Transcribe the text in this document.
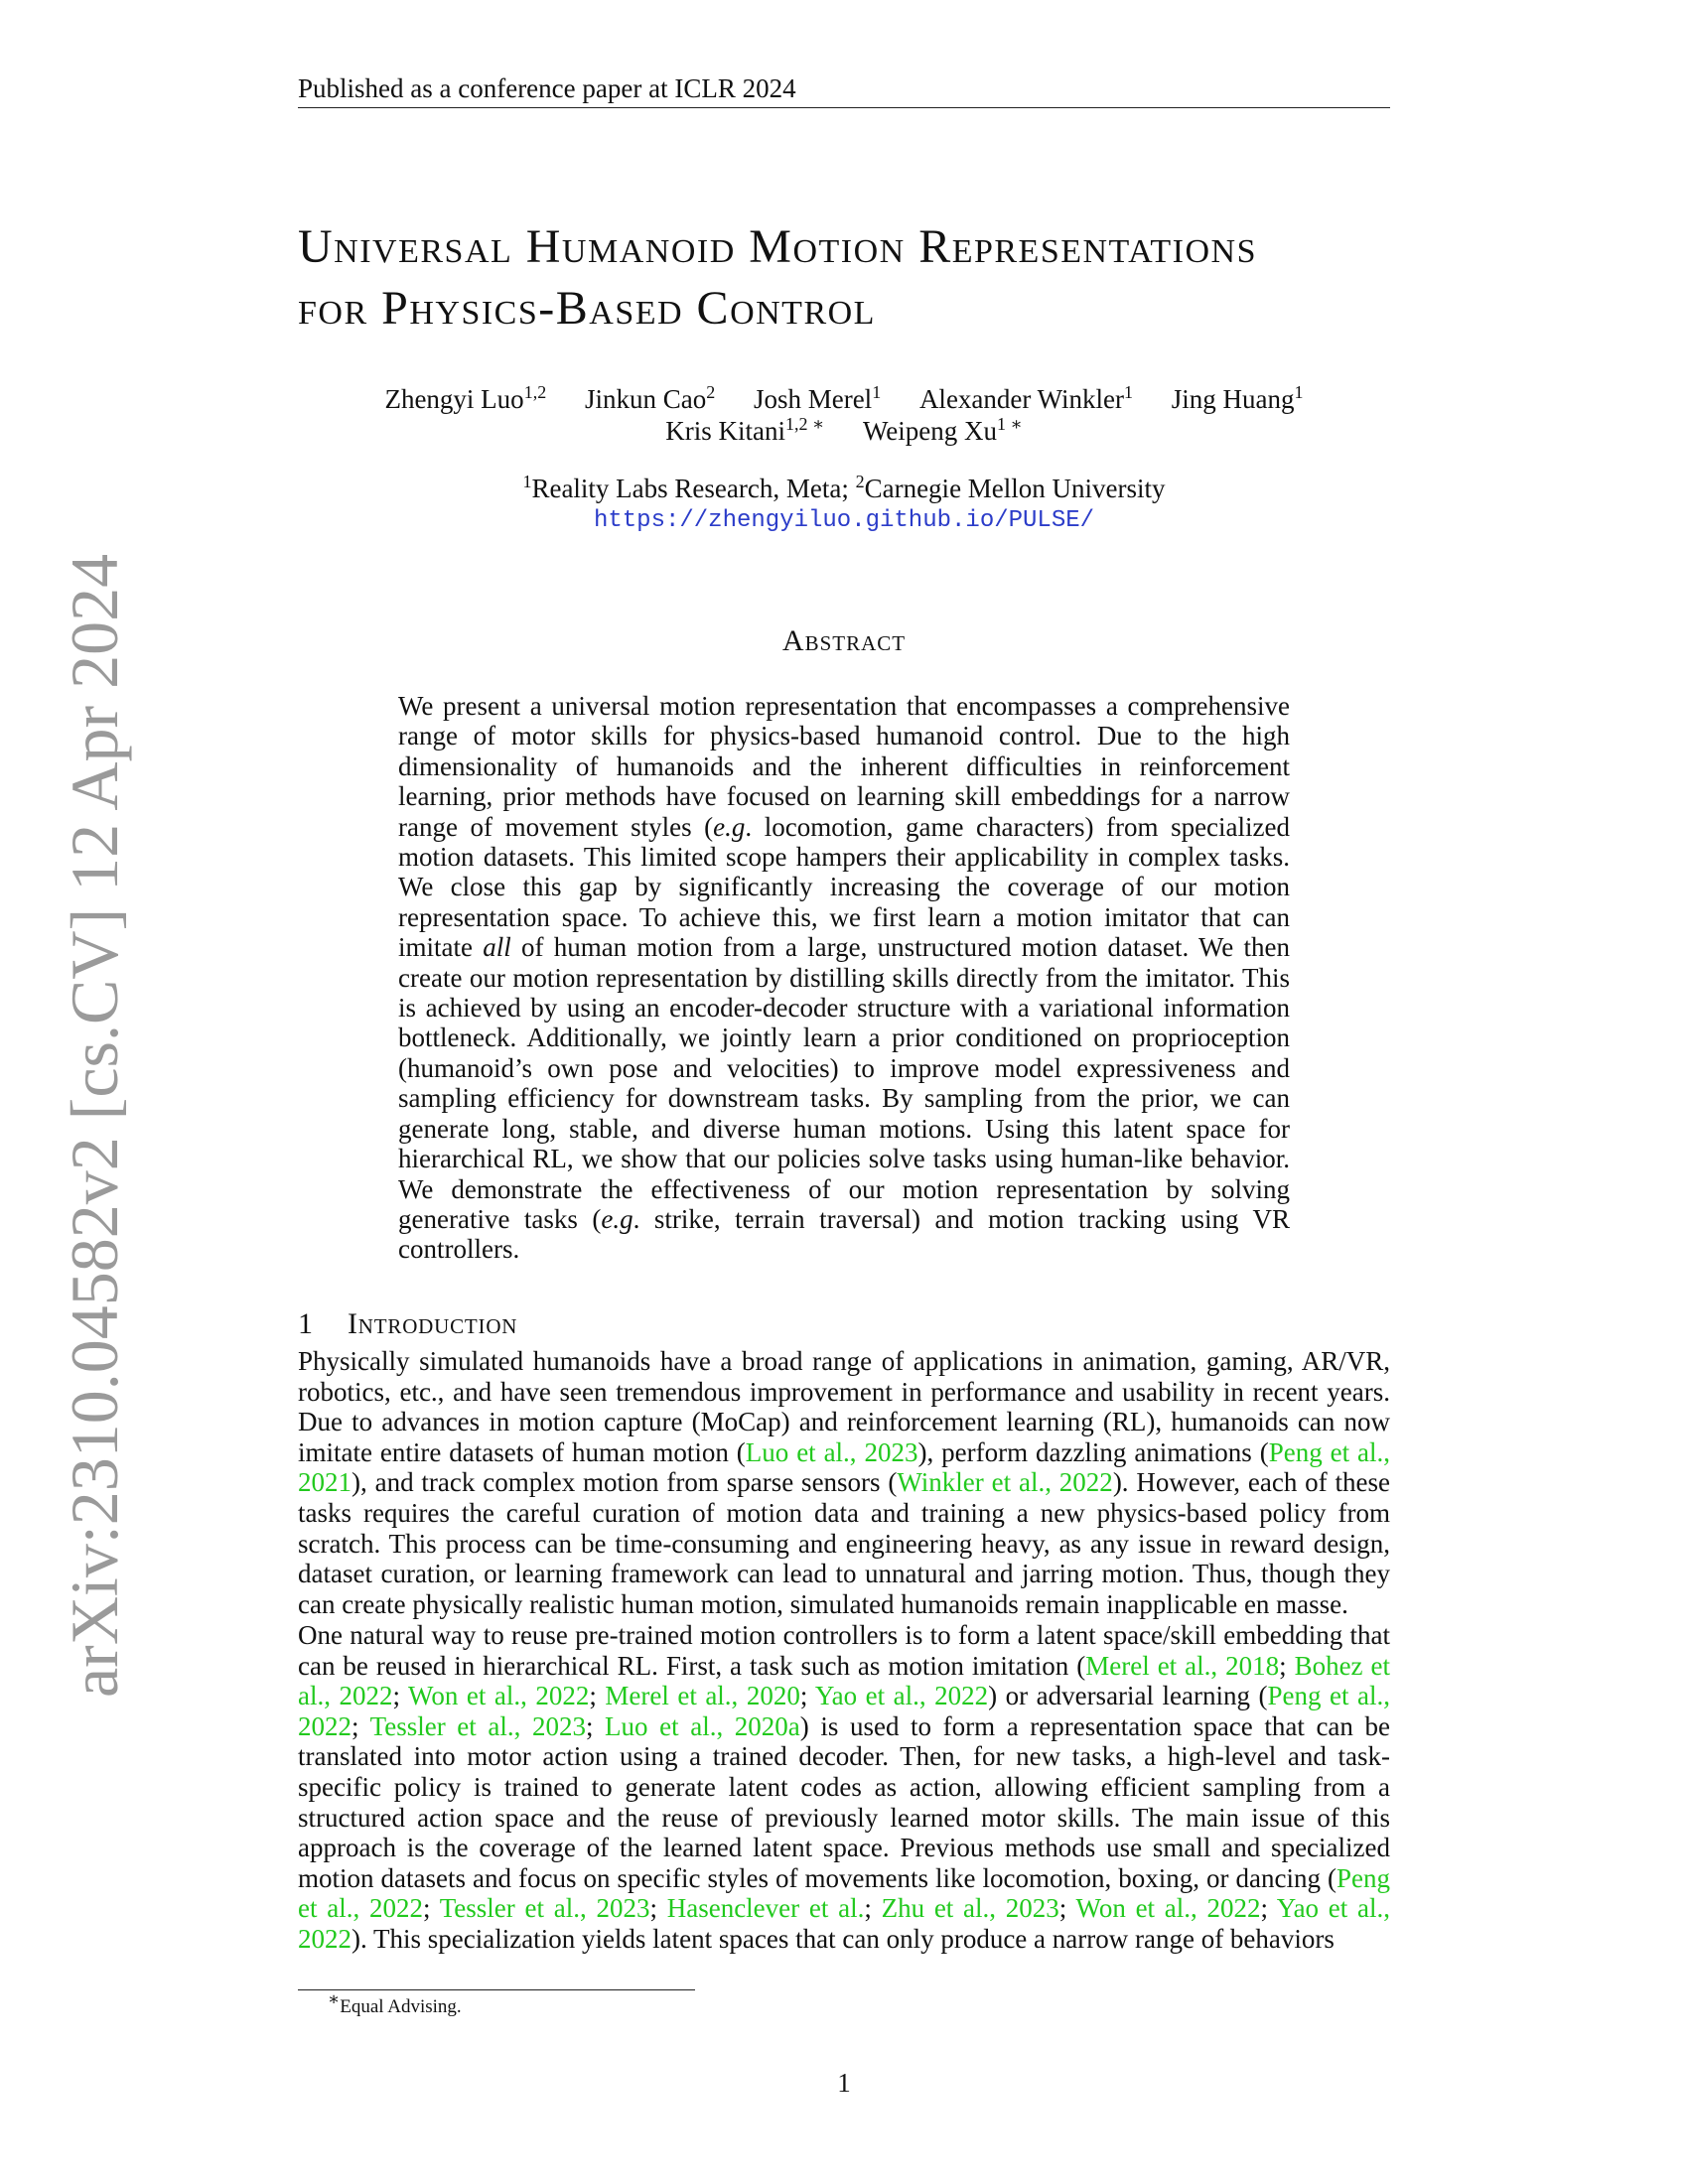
Published as a conference paper at ICLR 2024
arXiv:2310.04582v2 [cs.CV] 12 Apr 2024
Universal Humanoid Motion Representations
for Physics-Based Control
Zhengyi Luo$^{1,2}$ Jinkun Cao$^2$ Josh Merel$^1$ Alexander Winkler$^1$ Jing Huang$^1$
Kris Kitani$^{1,2 ∗}$ Weipeng $Xu^{1 ∗}$
$^1$Reality Labs Research, Meta; $^2$Carnegie Mellon University
https://zhengyiluo.github.io/PULSE/
Abstract

We present a universal motion representation that encompasses a comprehensive range of motor skills for physics-based humanoid control. Due to the high dimensionality of humanoids and the inherent difficulties in reinforcement learning, prior methods have focused on learning skill embeddings for a narrow range of movement styles (e.g. locomotion, game characters) from specialized motion datasets. This limited scope hampers their applicability in complex tasks. We close this gap by significantly increasing the coverage of our motion representation space. To achieve this, we first learn a motion imitator that can imitate all of human motion from a large, unstructured motion dataset. We then create our motion representation by distilling skills directly from the imitator. This is achieved by using an encoder-decoder structure with a variational information bottleneck. Additionally, we jointly learn a prior conditioned on proprioception (humanoid’s own pose and velocities) to improve model expressiveness and sampling efficiency for downstream tasks. By sampling from the prior, we can generate long, stable, and diverse human motions. Using this latent space for hierarchical RL, we show that our policies solve tasks using human-like behavior. We demonstrate the effectiveness of our motion representation by solving generative tasks (e.g. strike, terrain traversal) and motion tracking using VR controllers.

1 Introduction

Physically simulated humanoids have a broad range of applications in animation, gaming, AR/VR, robotics, etc., and have seen tremendous improvement in performance and usability in recent years. Due to advances in motion capture (MoCap) and reinforcement learning (RL), humanoids can now imitate entire datasets of human motion (Luo et al., 2023), perform dazzling animations (Peng et al., 2021), and track complex motion from sparse sensors (Winkler et al., 2022). However, each of these tasks requires the careful curation of motion data and training a new physics-based policy from scratch. This process can be time-consuming and engineering heavy, as any issue in reward design, dataset curation, or learning framework can lead to unnatural and jarring motion. Thus, though they can create physically realistic human motion, simulated humanoids remain inapplicable en masse.

One natural way to reuse pre-trained motion controllers is to form a latent space/skill embedding that can be reused in hierarchical RL. First, a task such as motion imitation (Merel et al., 2018; Bohez et al., 2022; Won et al., 2022; Merel et al., 2020; Yao et al., 2022) or adversarial learning (Peng et al., 2022; Tessler et al., 2023; Luo et al., 2020a) is used to form a representation space that can be translated into motor action using a trained decoder. Then, for new tasks, a high-level and task-specific policy is trained to generate latent codes as action, allowing efficient sampling from a structured action space and the reuse of previously learned motor skills. The main issue of this approach is the coverage of the learned latent space. Previous methods use small and specialized motion datasets and focus on specific styles of movements like locomotion, boxing, or dancing (Peng et al., 2022; Tessler et al., 2023; Hasenclever et al.; Zhu et al., 2023; Won et al., 2022; Yao et al., 2022). This specialization yields latent spaces that can only produce a narrow range of behaviors

∗Equal Advising.
1
